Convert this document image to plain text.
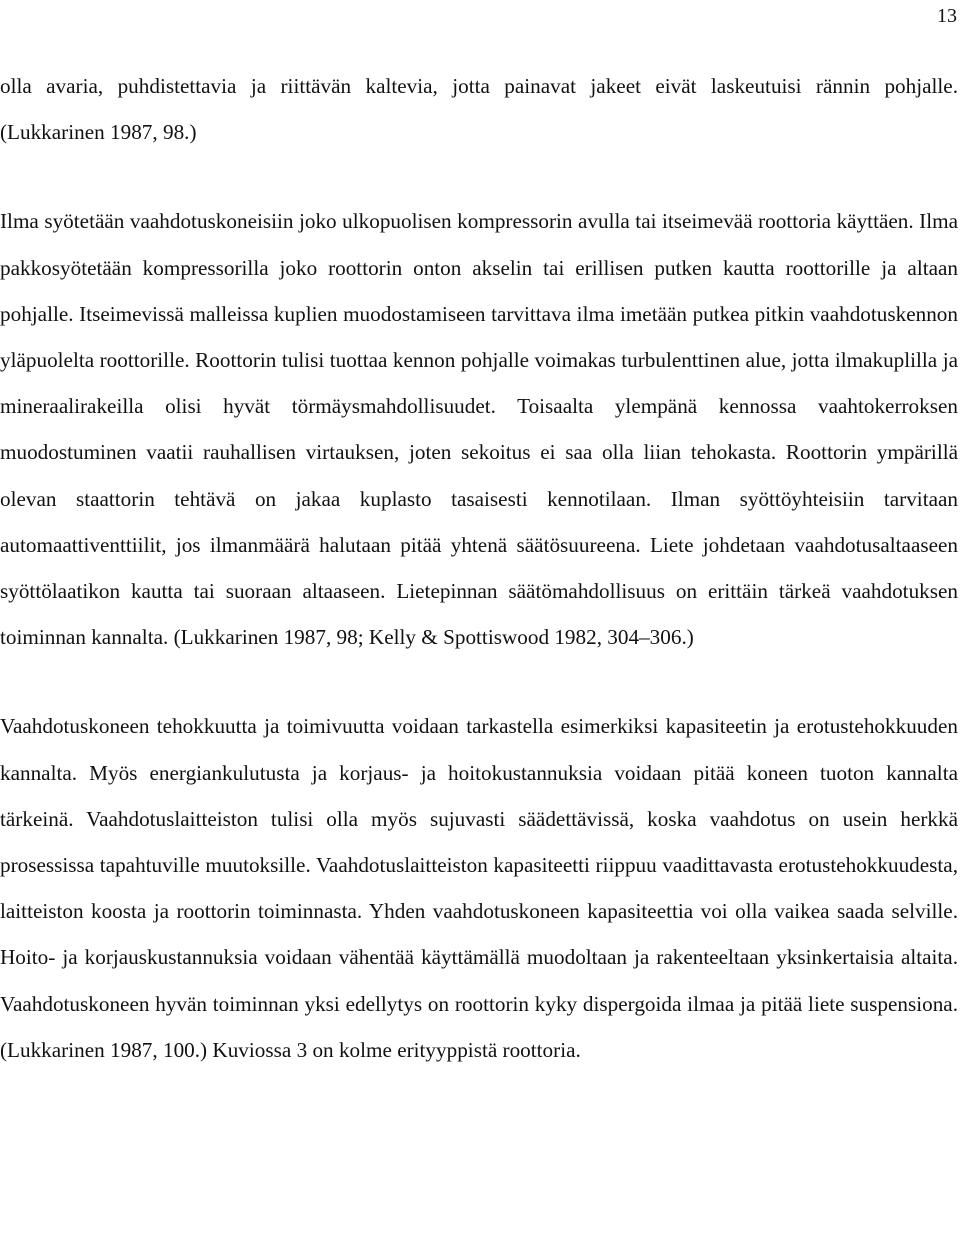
13

olla avaria, puhdistettavia ja riittävän kaltevia, jotta painavat jakeet eivät laskeutuisi rännin pohjalle. (Lukkarinen 1987, 98.)

Ilma syötetään vaahdotuskoneisiin joko ulkopuolisen kompressorin avulla tai itseimevää roottoria käyttäen. Ilma pakkosyötetään kompressorilla joko roottorin onton akselin tai erillisen putken kautta roottorille ja altaan pohjalle. Itseimevissä malleissa kuplien muodostamiseen tarvittava ilma imetään putkea pitkin vaahdotuskennon yläpuolelta roottorille. Roottorin tulisi tuottaa kennon pohjalle voimakas turbulenttinen alue, jotta ilmakuplilla ja mineraalirakeilla olisi hyvät törmäysmahdollisuudet. Toisaalta ylempänä kennossa vaahtokerroksen muodostuminen vaatii rauhallisen virtauksen, joten sekoitus ei saa olla liian tehokasta. Roottorin ympärillä olevan staattorin tehtävä on jakaa kuplasto tasaisesti kennotilaan. Ilman syöttöyhteisiin tarvitaan automaattiventtiilit, jos ilmanmäärä halutaan pitää yhtenä säätösuureena. Liete johdetaan vaahdotusaltaaseen syöttölaatikon kautta tai suoraan altaaseen. Lietepinnan säätömahdollisuus on erittäin tärkeä vaahdotuksen toiminnan kannalta. (Lukkarinen 1987, 98; Kelly & Spottiswood 1982, 304–306.)

Vaahdotuskoneen tehokkuutta ja toimivuutta voidaan tarkastella esimerkiksi kapasiteetin ja erotustehokkuuden kannalta. Myös energiankulutusta ja korjaus- ja hoitokustannuksia voidaan pitää koneen tuoton kannalta tärkeinä. Vaahdotuslaitteiston tulisi olla myös sujuvasti säädettävissä, koska vaahdotus on usein herkkä prosessissa tapahtuville muutoksille. Vaahdotuslaitteiston kapasiteetti riippuu vaadittavasta erotustehokkuudesta, laitteiston koosta ja roottorin toiminnasta. Yhden vaahdotuskoneen kapasiteettia voi olla vaikea saada selville. Hoito- ja korjauskustannuksia voidaan vähentää käyttämällä muodoltaan ja rakenteeltaan yksinkertaisia altaita. Vaahdotuskoneen hyvän toiminnan yksi edellytys on roottorin kyky dispergoida ilmaa ja pitää liete suspensiona. (Lukkarinen 1987, 100.) Kuviossa 3 on kolme erityyppistä roottoria.
